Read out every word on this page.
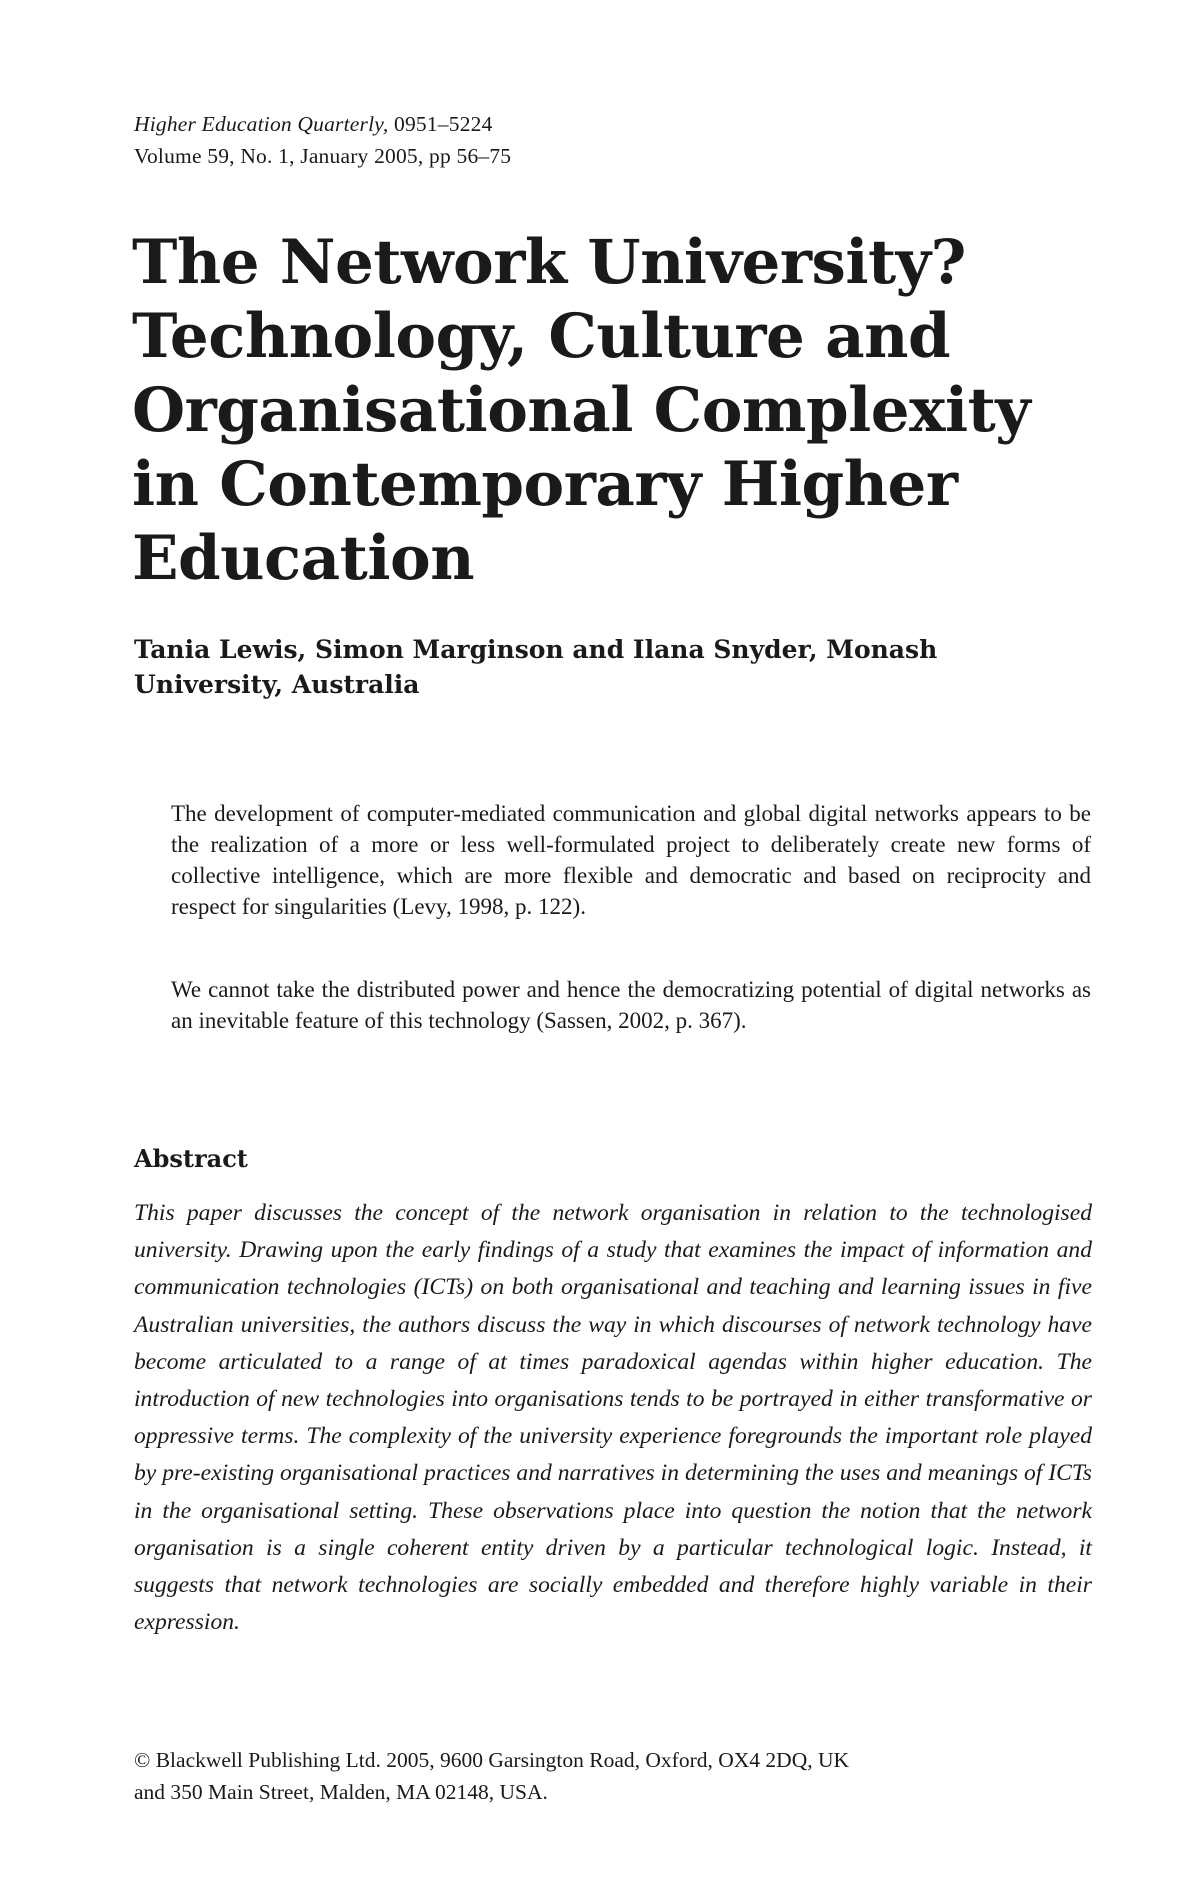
Higher Education Quarterly, 0951–5224
Volume 59, No. 1, January 2005, pp 56–75
The Network University?
Technology, Culture and
Organisational Complexity
in Contemporary Higher
Education
Tania Lewis, Simon Marginson and Ilana Snyder, Monash
University, Australia

The development of computer-mediated communication and global digital networks appears to be the realization of a more or less well-formulated project to deliberately create new forms of collective intelligence, which are more flexible and democratic and based on reciprocity and respect for singularities (Levy, 1998, p. 122).

We cannot take the distributed power and hence the democratizing potential of digital networks as an inevitable feature of this technology (Sassen, 2002, p. 367).

Abstract

This paper discusses the concept of the network organisation in relation to the technologised university. Drawing upon the early findings of a study that examines the impact of information and communication technologies (ICTs) on both organisational and teaching and learning issues in five Australian universities, the authors discuss the way in which discourses of network technology have become articulated to a range of at times paradoxical agendas within higher education. The introduction of new technologies into organisations tends to be portrayed in either transformative or oppressive terms. The complexity of the university experience foregrounds the important role played by pre-existing organisational practices and narratives in determining the uses and meanings of ICTs in the organisational setting. These observations place into question the notion that the network organisation is a single coherent entity driven by a particular technological logic. Instead, it suggests that network technologies are socially embedded and therefore highly variable in their expression.

© Blackwell Publishing Ltd. 2005, 9600 Garsington Road, Oxford, OX4 2DQ, UK
and 350 Main Street, Malden, MA 02148, USA.
